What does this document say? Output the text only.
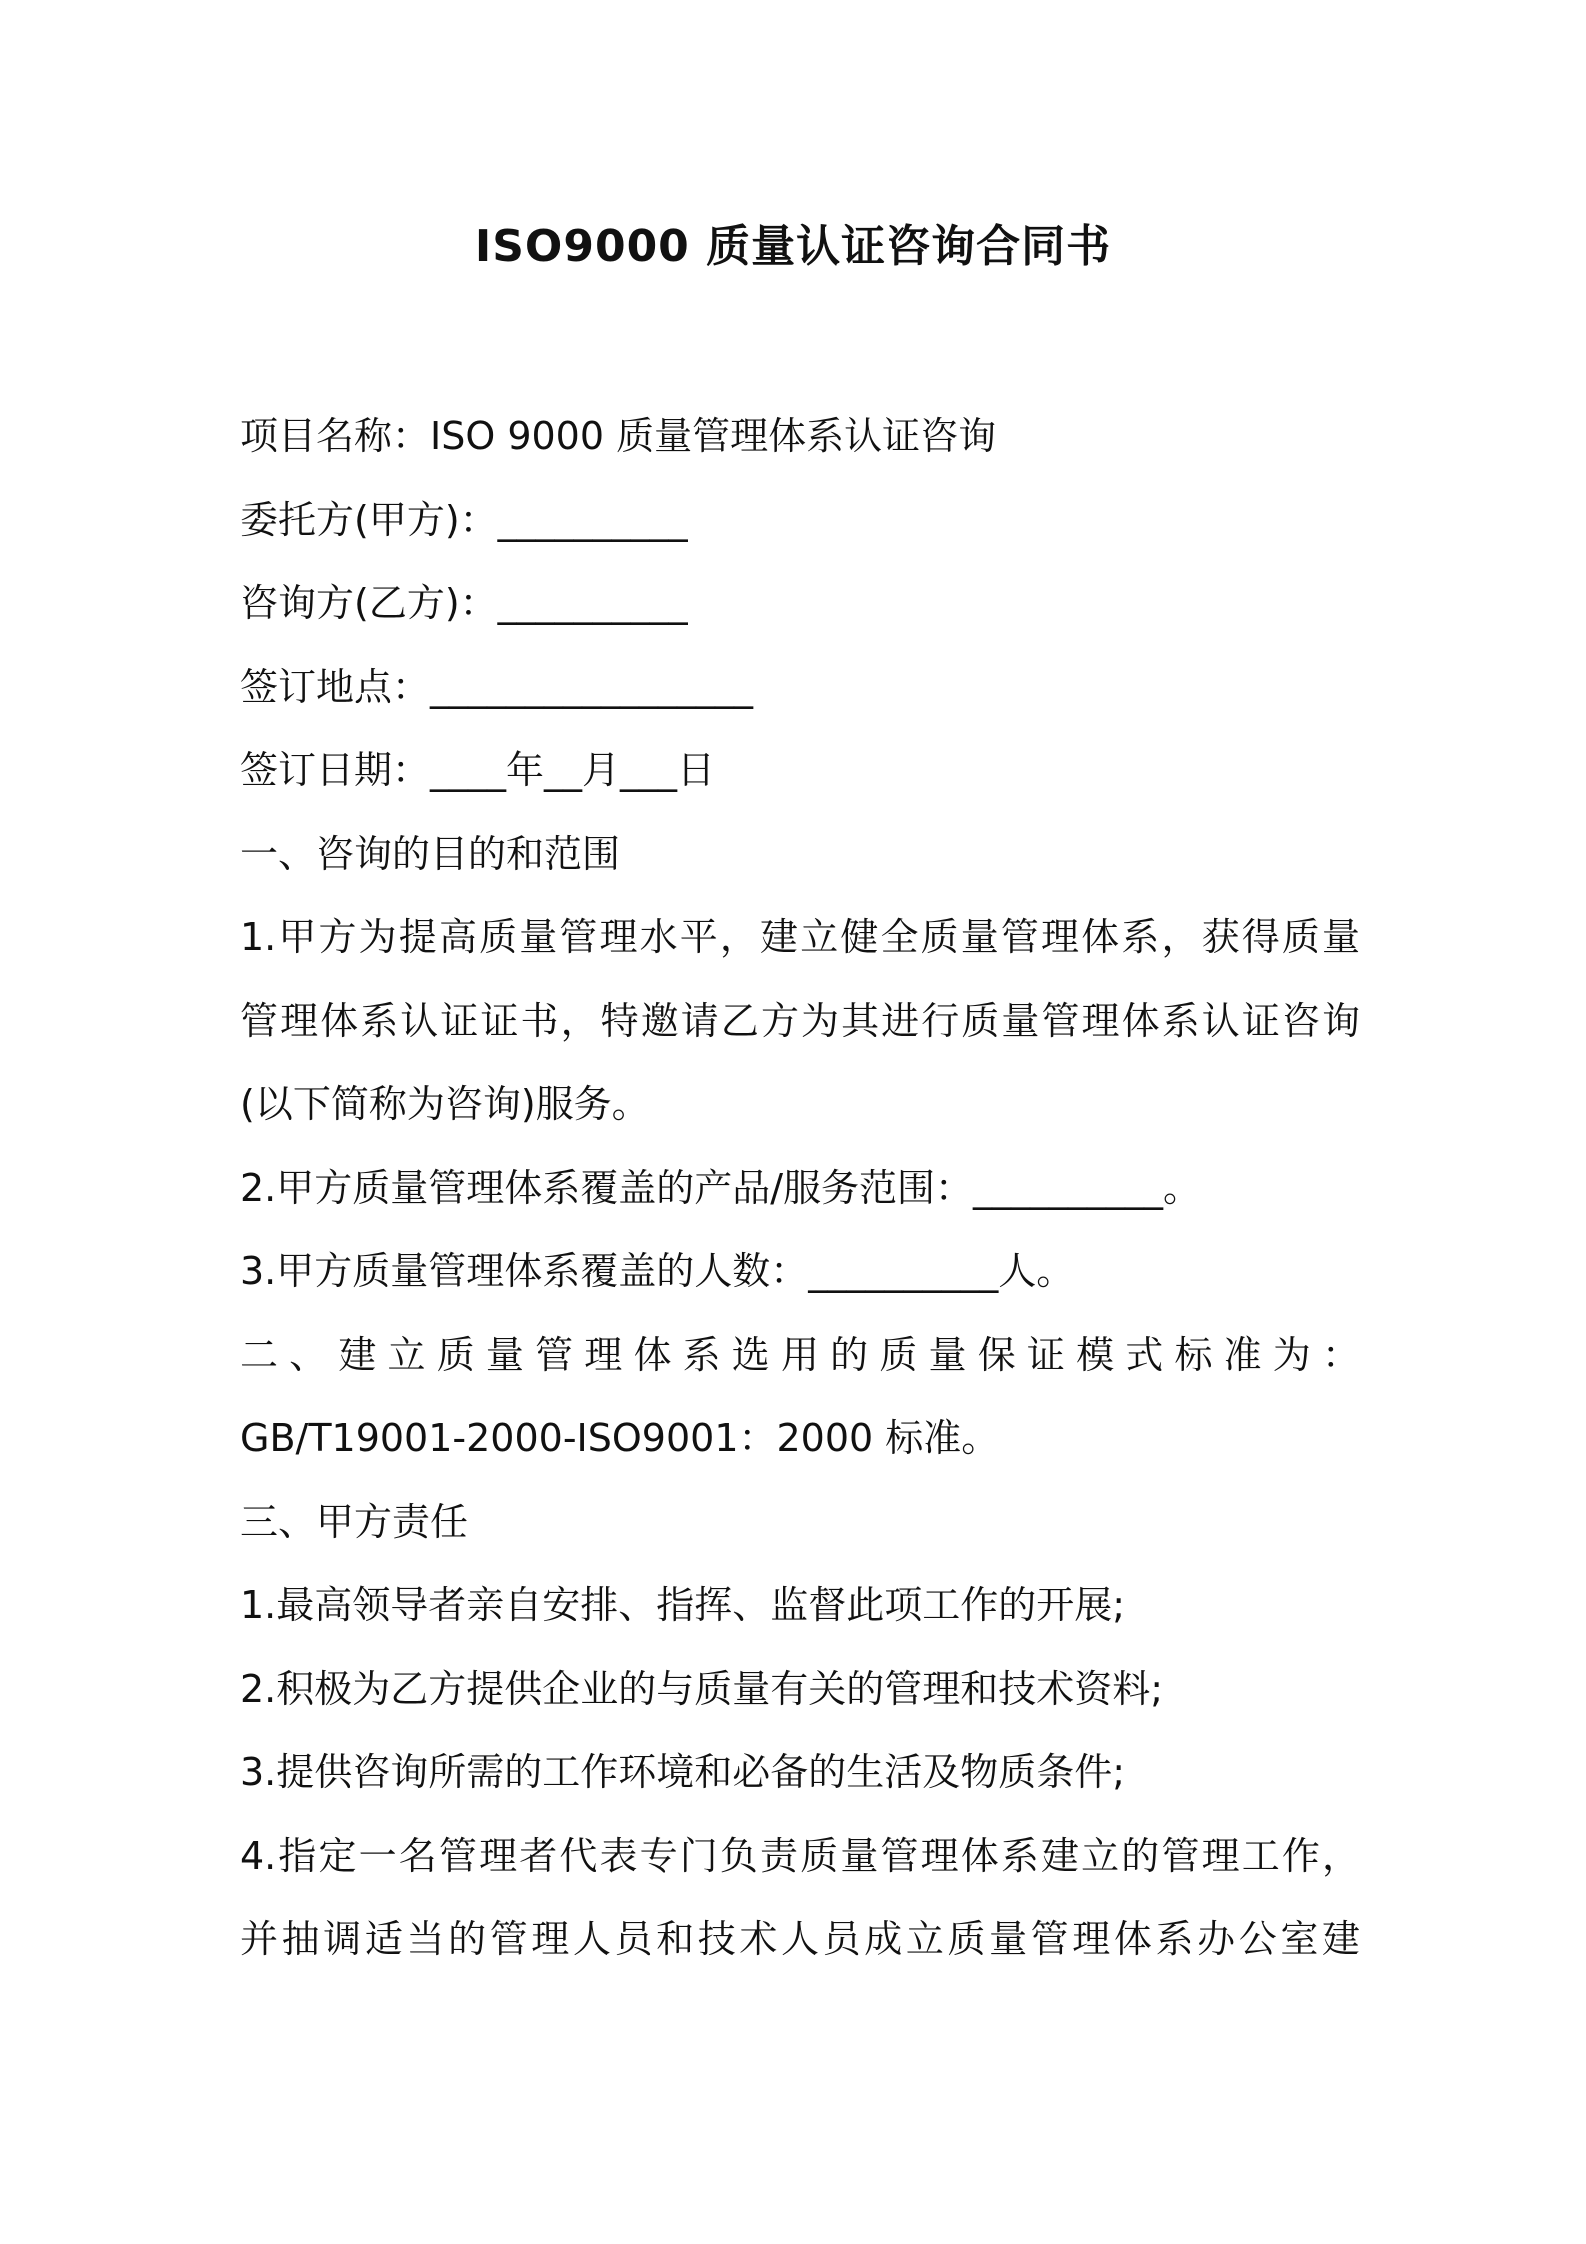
ISO9000 质量认证咨询合同书
项目名称：ISO 9000 质量管理体系认证咨询
委托方(甲方)：__________
咨询方(乙方)：__________
签订地点：_________________
签订日期：____年__月___日
一、咨询的目的和范围
1.甲方为提高质量管理水平，建立健全质量管理体系，获得质量
管理体系认证证书，特邀请乙方为其进行质量管理体系认证咨询
(以下简称为咨询)服务。
2.甲方质量管理体系覆盖的产品/服务范围：__________。
3.甲方质量管理体系覆盖的人数：__________人。
二、建立质量管理体系选用的质量保证模式标准为：
GB/T19001-2000-ISO9001：2000 标准。
三、甲方责任
1.最高领导者亲自安排、指挥、监督此项工作的开展;
2.积极为乙方提供企业的与质量有关的管理和技术资料;
3.提供咨询所需的工作环境和必备的生活及物质条件;
4.指定一名管理者代表专门负责质量管理体系建立的管理工作，
并抽调适当的管理人员和技术人员成立质量管理体系办公室建
